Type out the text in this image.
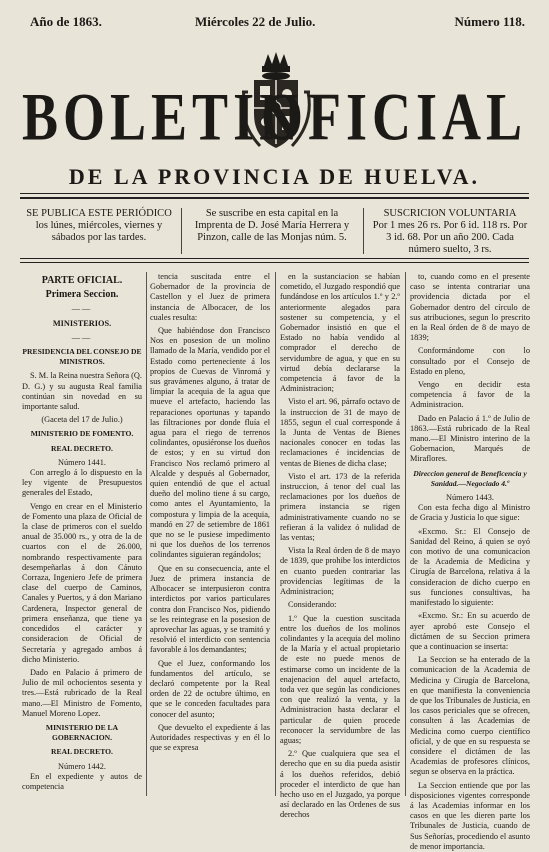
Año de 1863.	Miércoles 22 de Julio.	Número 118.
BOLETIN
OFICIAL
DE LA PROVINCIA DE HUELVA.
SE PUBLICA ESTE PERIÓDICO los lúnes, miércoles, viernes y sábados por las tardes.
Se suscribe en esta capital en la Imprenta de D. José María Herrera y Pinzon, calle de las Monjas núm. 5.
SUSCRICION VOLUNTARIA
Por 1 mes 26 rs. Por 6 id. 118 rs. Por 3 id. 68. Por un año 200. Cada número suelto, 3 rs.
PARTE OFICIAL.
Primera Seccion.
——
MINISTERIOS.
——
PRESIDENCIA DEL CONSEJO DE MINISTROS.

S. M. la Reina nuestra Señora (Q. D. G.) y su augusta Real familia continúan sin novedad en su importante salud.

(Gaceta del 17 de Julio.)
MINISTERIO DE FOMENTO.
REAL DECRETO.
Número 1441.

Con arreglo á lo dispuesto en la ley vigente de Presupuestos generales del Estado,

Vengo en crear en el Ministerio de Fomento una plaza de Oficial de la clase de primeros con el sueldo anual de 35.000 rs., y otra de la de cuartos con el de 26.000, nombrando respectivamente para desempeñarlas á don Cánuto Corraza, Ingeniero Jefe de primera clase del cuerpo de Caminos, Canales y Puertos, y á don Mariano Cardenera, Inspector general de primera enseñanza, que tiene ya concedidos el carácter y consideracion de Oficial de Secretaría y agregado ambos á dicho Ministerio.

Dado en Palacio á primero de Julio de mil ochocientos sesenta y tres.—Está rubricado de la Real mano.—El Ministro de Fomento, Manuel Moreno Lopez.

MINISTERIO DE LA GOBERNACION.
REAL DECRETO.
Número 1442.

En el expediente y autos de competencia

tencia suscitada entre el Gobernador de la provincia de Castellon y el Juez de primera instancia de Albocacer, de los cuales resulta:

Que habiéndose don Francisco Nos en posesion de un molino llamado de la María, vendido por el Estado como perteneciente á los propios de Cuevas de Vinromá y sus gravámenes alguno, á tratar de limpiar la acequia de la agua que mueve el artefacto, haciendo las reparaciones oportunas y tapando las filtraciones por donde fluía el agua para el riego de terrenos colindantes, opusiéronse los dueños de estos; y en su virtud don Francisco Nos reclamó primero al Alcalde y después al Gobernador, quien entendió de que el actual dueño del molino tiene á su cargo, como antes el Ayuntamiento, la compostura y limpia de la acequia, mandó en 27 de setiembre de 1861 que no se le pusiese impedimento ni que los dueños de los terrenos colindantes siguieran regándolos;

Que en su consecuencia, ante el Juez de primera instancia de Albocacer se interpusieron contra interdictos por varios particulares contra don Francisco Nos, pidiendo se les reintegrase en la posesion de aprovechar las aguas, y se tramitó y resolvió el interdicto con sentencia favorable á los demandantes;

Que el Juez, conformando los fundamentos del artículo, se declaró competente por la Real orden de 22 de octubre último, en que se le conceden facultades para conocer del asunto;

Que devuelto el expediente á las Autoridades respectivas y en él lo que se expresa

en la sustanciacion se habían cometido, el Juzgado respondió que fundándose en los artículos 1.º y 2.º anteriormente alegados para sostener su competencia, y el Gobernador insistió en que el Estado no había vendido al comprador el derecho de servidumbre de agua, y que en su virtud debía declararse la competencia á favor de la Administracion;

Visto el art. 96, párrafo octavo de la instruccion de 31 de mayo de 1855, segun el cual corresponde á la Junta de Ventas de Bienes nacionales conocer en todas las reclamaciones é incidencias de ventas de Bienes de dicha clase;

Visto el art. 173 de la referida instruccion, á tenor del cual las reclamaciones por los dueños de primera instancia se rigen administrativamente cuando no se refieran á la validez ó nulidad de las ventas;

Vista la Real órden de 8 de mayo de 1839, que prohibe los interdictos en cuanto pueden contrariar las providencias legítimas de la Administracion;

Considerando:

1.º Que la cuestion suscitada entre los dueños de los molinos colindantes y la acequia del molino de la María y el actual propietario de este no puede menos de estimarse como un incidente de la enajenacion del aquel artefacto, toda vez que según las condiciones con que realizó la venta, y la Administracion hasta declarar el particular de quien procede reconocer la servidumbre de las aguas;

2.º Que cualquiera que sea el derecho que en su dia pueda asistir á los dueños referidos, debió proceder el interdicto de que han hecho uso en el Juzgado, ya porque así declarado en las Ordenes de sus derechos

to, cuando como en el presente caso se intenta contrariar una providencia dictada por el Gobernador dentro del círculo de sus atribuciones, segun lo prescrito en la Real órden de 8 de mayo de 1839;

Conformándome con lo consultado por el Consejo de Estado en pleno,

Vengo en decidir esta competencia á favor de la Administracion.

Dado en Palacio á 1.º de Julio de 1863.—Está rubricado de la Real mano.—El Ministro interino de la Gobernacion, Marqués de Miraflores.

Direccion general de Beneficencia y Sanidad.—Negociado 4.º
Número 1443.

Con esta fecha digo al Ministro de Gracia y Justicia lo que sigue:

«Excmo. Sr.: El Consejo de Sanidad del Reino, á quien se oyó con motivo de una comunicacion de la Academia de Medicina y Cirugía de Barcelona, relativa á la consideracion de dicho cuerpo en sus funciones consultivas, ha manifestado lo siguiente:

«Excmo. Sr.: En su acuerdo de ayer aprobó este Consejo el dictámen de su Seccion primera que a continuacion se inserta:

La Seccion se ha enterado de la comunicacion de la Academia de Medicina y Cirugía de Barcelona, en que manifiesta la conveniencia de que los Tribunales de Justicia, en los casos periciales que se ofrecen, consulten á las Academias de Medicina como cuerpo científico oficial, y de que en su respuesta se considere el dictámen de las Academias de profesores clínicos, segun se observa en la práctica.

La Seccion entiende que por las disposiciones vigentes corresponde á las Academias informar en los casos en que les dieren parte los Tribunales de Justicia, cuando de Sus Señorías, procediendo el asunto de menor importancia.
